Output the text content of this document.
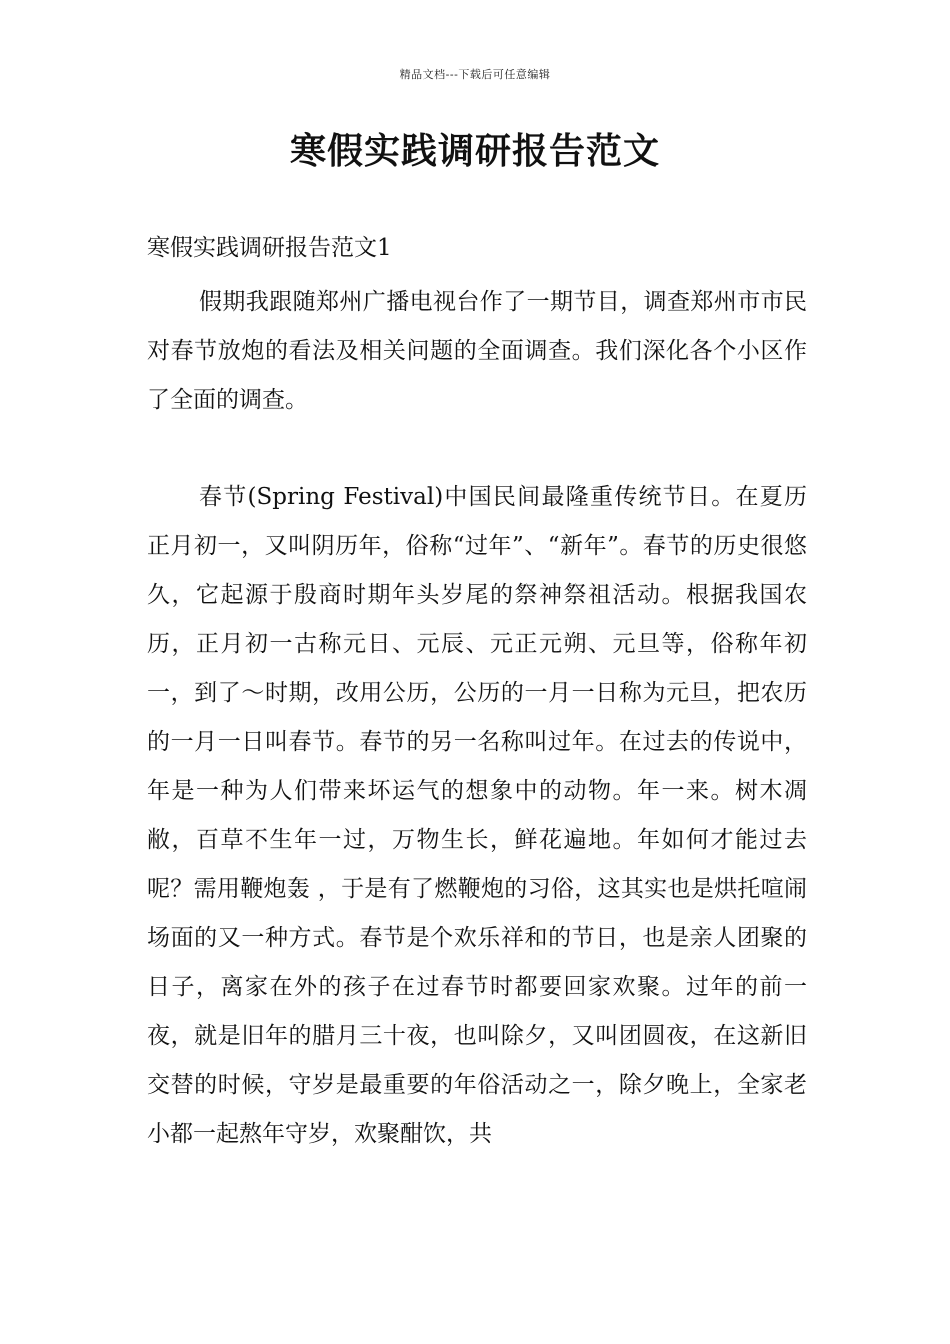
精品文档---下载后可任意编辑
寒假实践调研报告范文
寒假实践调研报告范文1

假期我跟随郑州广播电视台作了一期节目，调查郑州市市民对春节放炮的看法及相关问题的全面调查。我们深化各个小区作了全面的调查。

春节(Spring Festival)中国民间最隆重传统节日。在夏历正月初一，又叫阴历年，俗称“过年”、“新年”。春节的历史很悠久，它起源于殷商时期年头岁尾的祭神祭祖活动。根据我国农历，正月初一古称元日、元辰、元正元朔、元旦等，俗称年初一，到了～时期，改用公历，公历的一月一日称为元旦，把农历的一月一日叫春节。春节的另一名称叫过年。在过去的传说中，年是一种为人们带来坏运气的想象中的动物。年一来。树木凋敝，百草不生年一过，万物生长，鲜花遍地。年如何才能过去呢？需用鞭炮轰 ，于是有了燃鞭炮的习俗，这其实也是烘托喧闹场面的又一种方式。春节是个欢乐祥和的节日，也是亲人团聚的日子，离家在外的孩子在过春节时都要回家欢聚。过年的前一夜，就是旧年的腊月三十夜，也叫除夕，又叫团圆夜，在这新旧交替的时候，守岁是最重要的年俗活动之一，除夕晚上，全家老小都一起熬年守岁，欢聚酣饮，共
